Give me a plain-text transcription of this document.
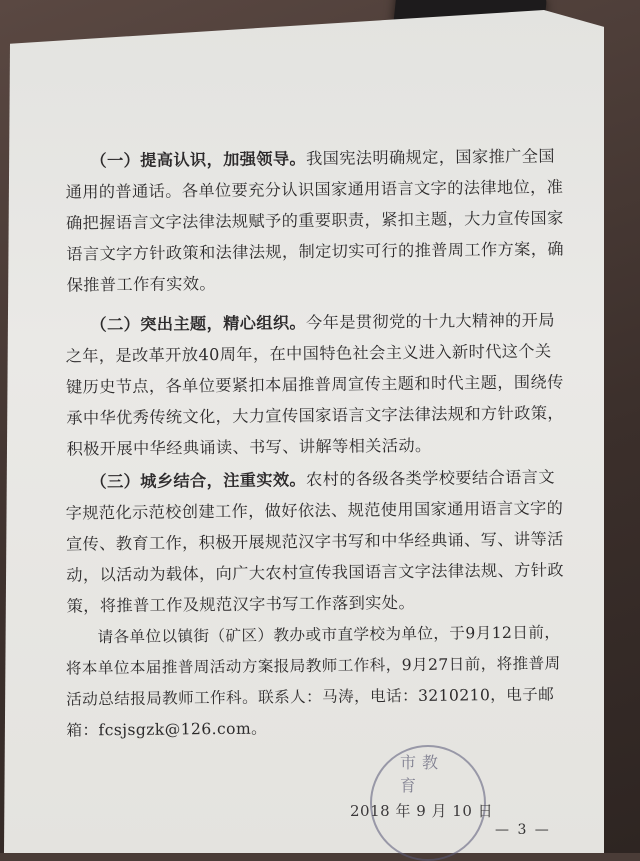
　　（一）提高认识，加强领导。我国宪法明确规定，国家推广全国通用的普通话。各单位要充分认识国家通用语言文字的法律地位，准确把握语言文字法律法规赋予的重要职责，紧扣主题，大力宣传国家语言文字方针政策和法律法规，制定切实可行的推普周工作方案，确保推普工作有实效。

　　（二）突出主题，精心组织。今年是贯彻党的十九大精神的开局之年，是改革开放40周年，在中国特色社会主义进入新时代这个关键历史节点，各单位要紧扣本届推普周宣传主题和时代主题，围绕传承中华优秀传统文化，大力宣传国家语言文字法律法规和方针政策，积极开展中华经典诵读、书写、讲解等相关活动。

　　（三）城乡结合，注重实效。农村的各级各类学校要结合语言文字规范化示范校创建工作，做好依法、规范使用国家通用语言文字的宣传、教育工作，积极开展规范汉字书写和中华经典诵、写、讲等活动，以活动为载体，向广大农村宣传我国语言文字法律法规、方针政策，将推普工作及规范汉字书写工作落到实处。

　　请各单位以镇街（矿区）教办或市直学校为单位，于9月12日前，将本单位本届推普周活动方案报局教师工作科，9月27日前，将推普周活动总结报局教师工作科。联系人：马涛，电话：3210210，电子邮箱：fcsjsgzk@126.com。

市教育
2018 年 9 月 10 日
— 3 —
